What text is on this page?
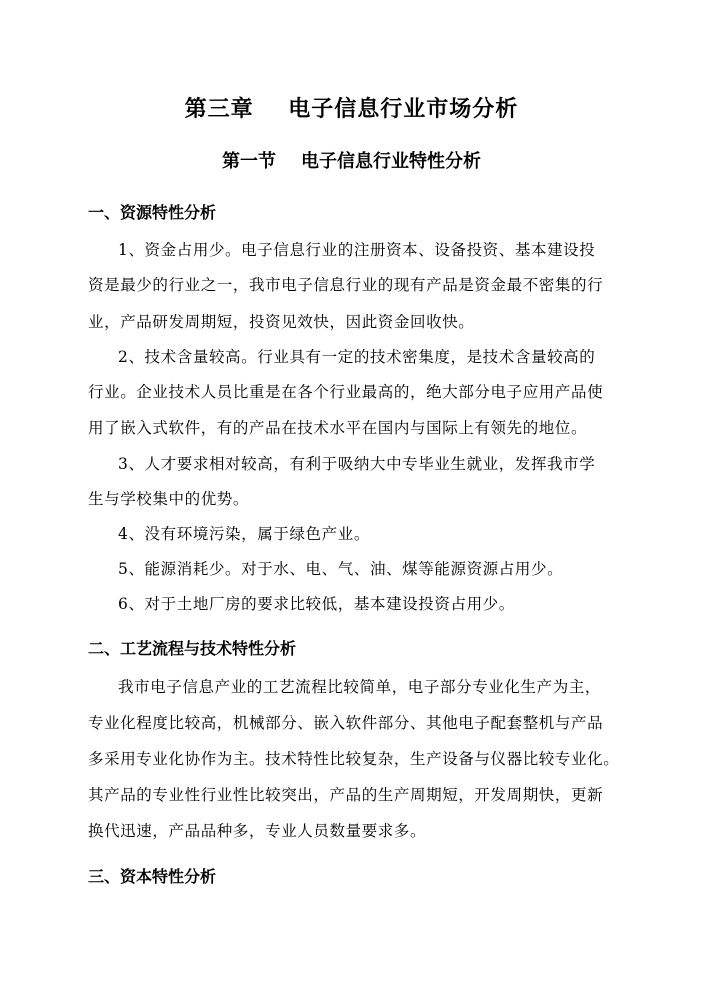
第三章    电子信息行业市场分析
第一节    电子信息行业特性分析
一、资源特性分析
1、资金占用少。电子信息行业的注册资本、设备投资、基本建设投
资是最少的行业之一，我市电子信息行业的现有产品是资金最不密集的行
业，产品研发周期短，投资见效快，因此资金回收快。
2、技术含量较高。行业具有一定的技术密集度，是技术含量较高的
行业。企业技术人员比重是在各个行业最高的，绝大部分电子应用产品使
用了嵌入式软件，有的产品在技术水平在国内与国际上有领先的地位。
3、人才要求相对较高，有利于吸纳大中专毕业生就业，发挥我市学
生与学校集中的优势。
4、没有环境污染，属于绿色产业。
5、能源消耗少。对于水、电、气、油、煤等能源资源占用少。
6、对于土地厂房的要求比较低，基本建设投资占用少。
二、工艺流程与技术特性分析
我市电子信息产业的工艺流程比较简单，电子部分专业化生产为主，
专业化程度比较高，机械部分、嵌入软件部分、其他电子配套整机与产品
多采用专业化协作为主。技术特性比较复杂，生产设备与仪器比较专业化。
其产品的专业性行业性比较突出，产品的生产周期短，开发周期快，更新
换代迅速，产品品种多，专业人员数量要求多。
三、资本特性分析
